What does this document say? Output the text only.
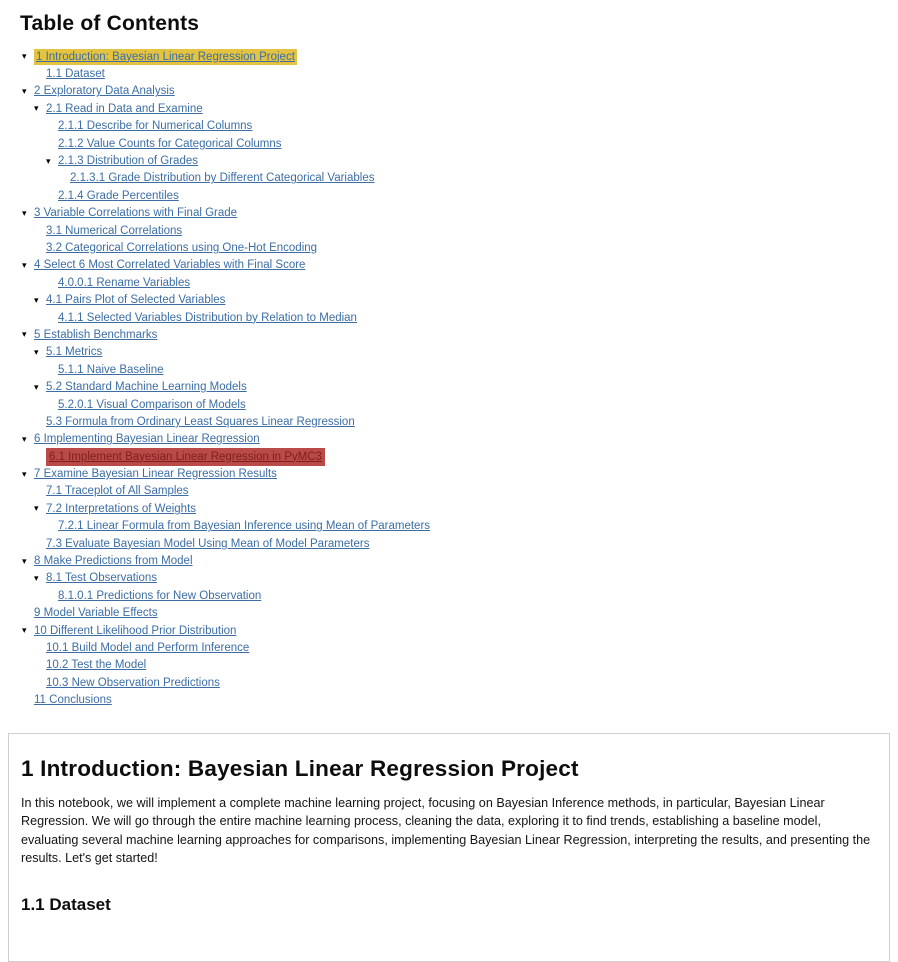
Table of Contents
▾ 1 Introduction: Bayesian Linear Regression Project
1.1 Dataset
▾ 2 Exploratory Data Analysis
▾ 2.1 Read in Data and Examine
2.1.1 Describe for Numerical Columns
2.1.2 Value Counts for Categorical Columns
▾ 2.1.3 Distribution of Grades
2.1.3.1 Grade Distribution by Different Categorical Variables
2.1.4 Grade Percentiles
▾ 3 Variable Correlations with Final Grade
3.1 Numerical Correlations
3.2 Categorical Correlations using One-Hot Encoding
▾ 4 Select 6 Most Correlated Variables with Final Score
4.0.0.1 Rename Variables
▾ 4.1 Pairs Plot of Selected Variables
4.1.1 Selected Variables Distribution by Relation to Median
▾ 5 Establish Benchmarks
▾ 5.1 Metrics
5.1.1 Naive Baseline
▾ 5.2 Standard Machine Learning Models
5.2.0.1 Visual Comparison of Models
5.3 Formula from Ordinary Least Squares Linear Regression
▾ 6 Implementing Bayesian Linear Regression
6.1 Implement Bayesian Linear Regression in PyMC3
▾ 7 Examine Bayesian Linear Regression Results
7.1 Traceplot of All Samples
▾ 7.2 Interpretations of Weights
7.2.1 Linear Formula from Bayesian Inference using Mean of Parameters
7.3 Evaluate Bayesian Model Using Mean of Model Parameters
▾ 8 Make Predictions from Model
▾ 8.1 Test Observations
8.1.0.1 Predictions for New Observation
9 Model Variable Effects
▾ 10 Different Likelihood Prior Distribution
10.1 Build Model and Perform Inference
10.2 Test the Model
10.3 New Observation Predictions
11 Conclusions
1 Introduction: Bayesian Linear Regression Project

In this notebook, we will implement a complete machine learning project, focusing on Bayesian Inference methods, in particular, Bayesian Linear Regression. We will go through the entire machine learning process, cleaning the data, exploring it to find trends, establishing a baseline model, evaluating several machine learning approaches for comparisons, implementing Bayesian Linear Regression, interpreting the results, and presenting the results. Let's get started!

1.1 Dataset
